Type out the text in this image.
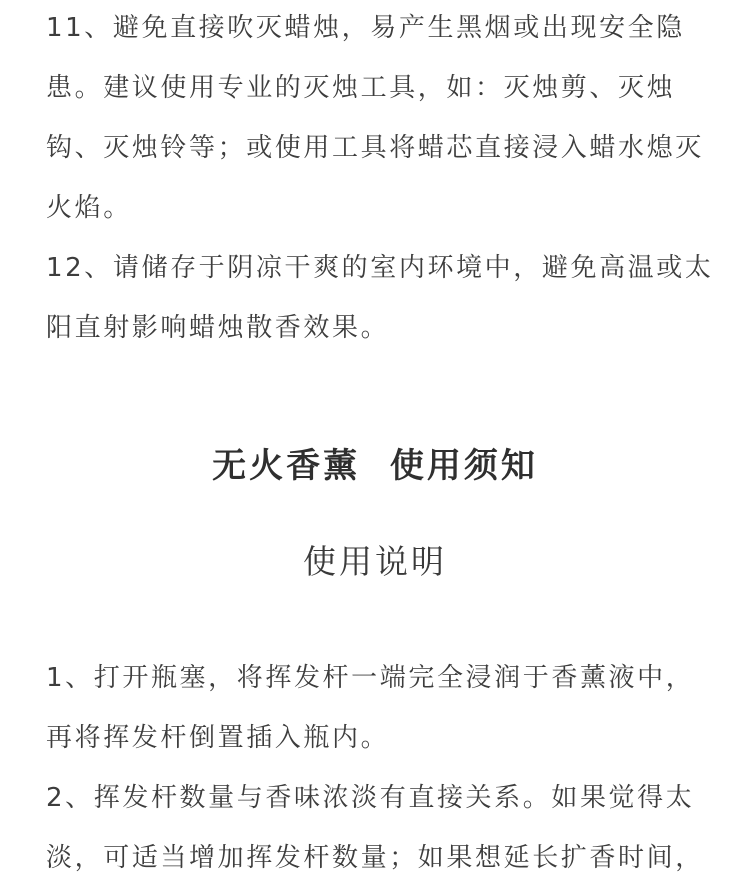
11、避免直接吹灭蜡烛，易产生黑烟或出现安全隐
患。建议使用专业的灭烛工具，如：灭烛剪、灭烛
钩、灭烛铃等；或使用工具将蜡芯直接浸入蜡水熄灭
火焰。
12、请储存于阴凉干爽的室内环境中，避免高温或太
阳直射影响蜡烛散香效果。
无火香薰  使用须知
使用说明
1、打开瓶塞，将挥发杆一端完全浸润于香薰液中，
再将挥发杆倒置插入瓶内。
2、挥发杆数量与香味浓淡有直接关系。如果觉得太
淡，可适当增加挥发杆数量；如果想延长扩香时间，
